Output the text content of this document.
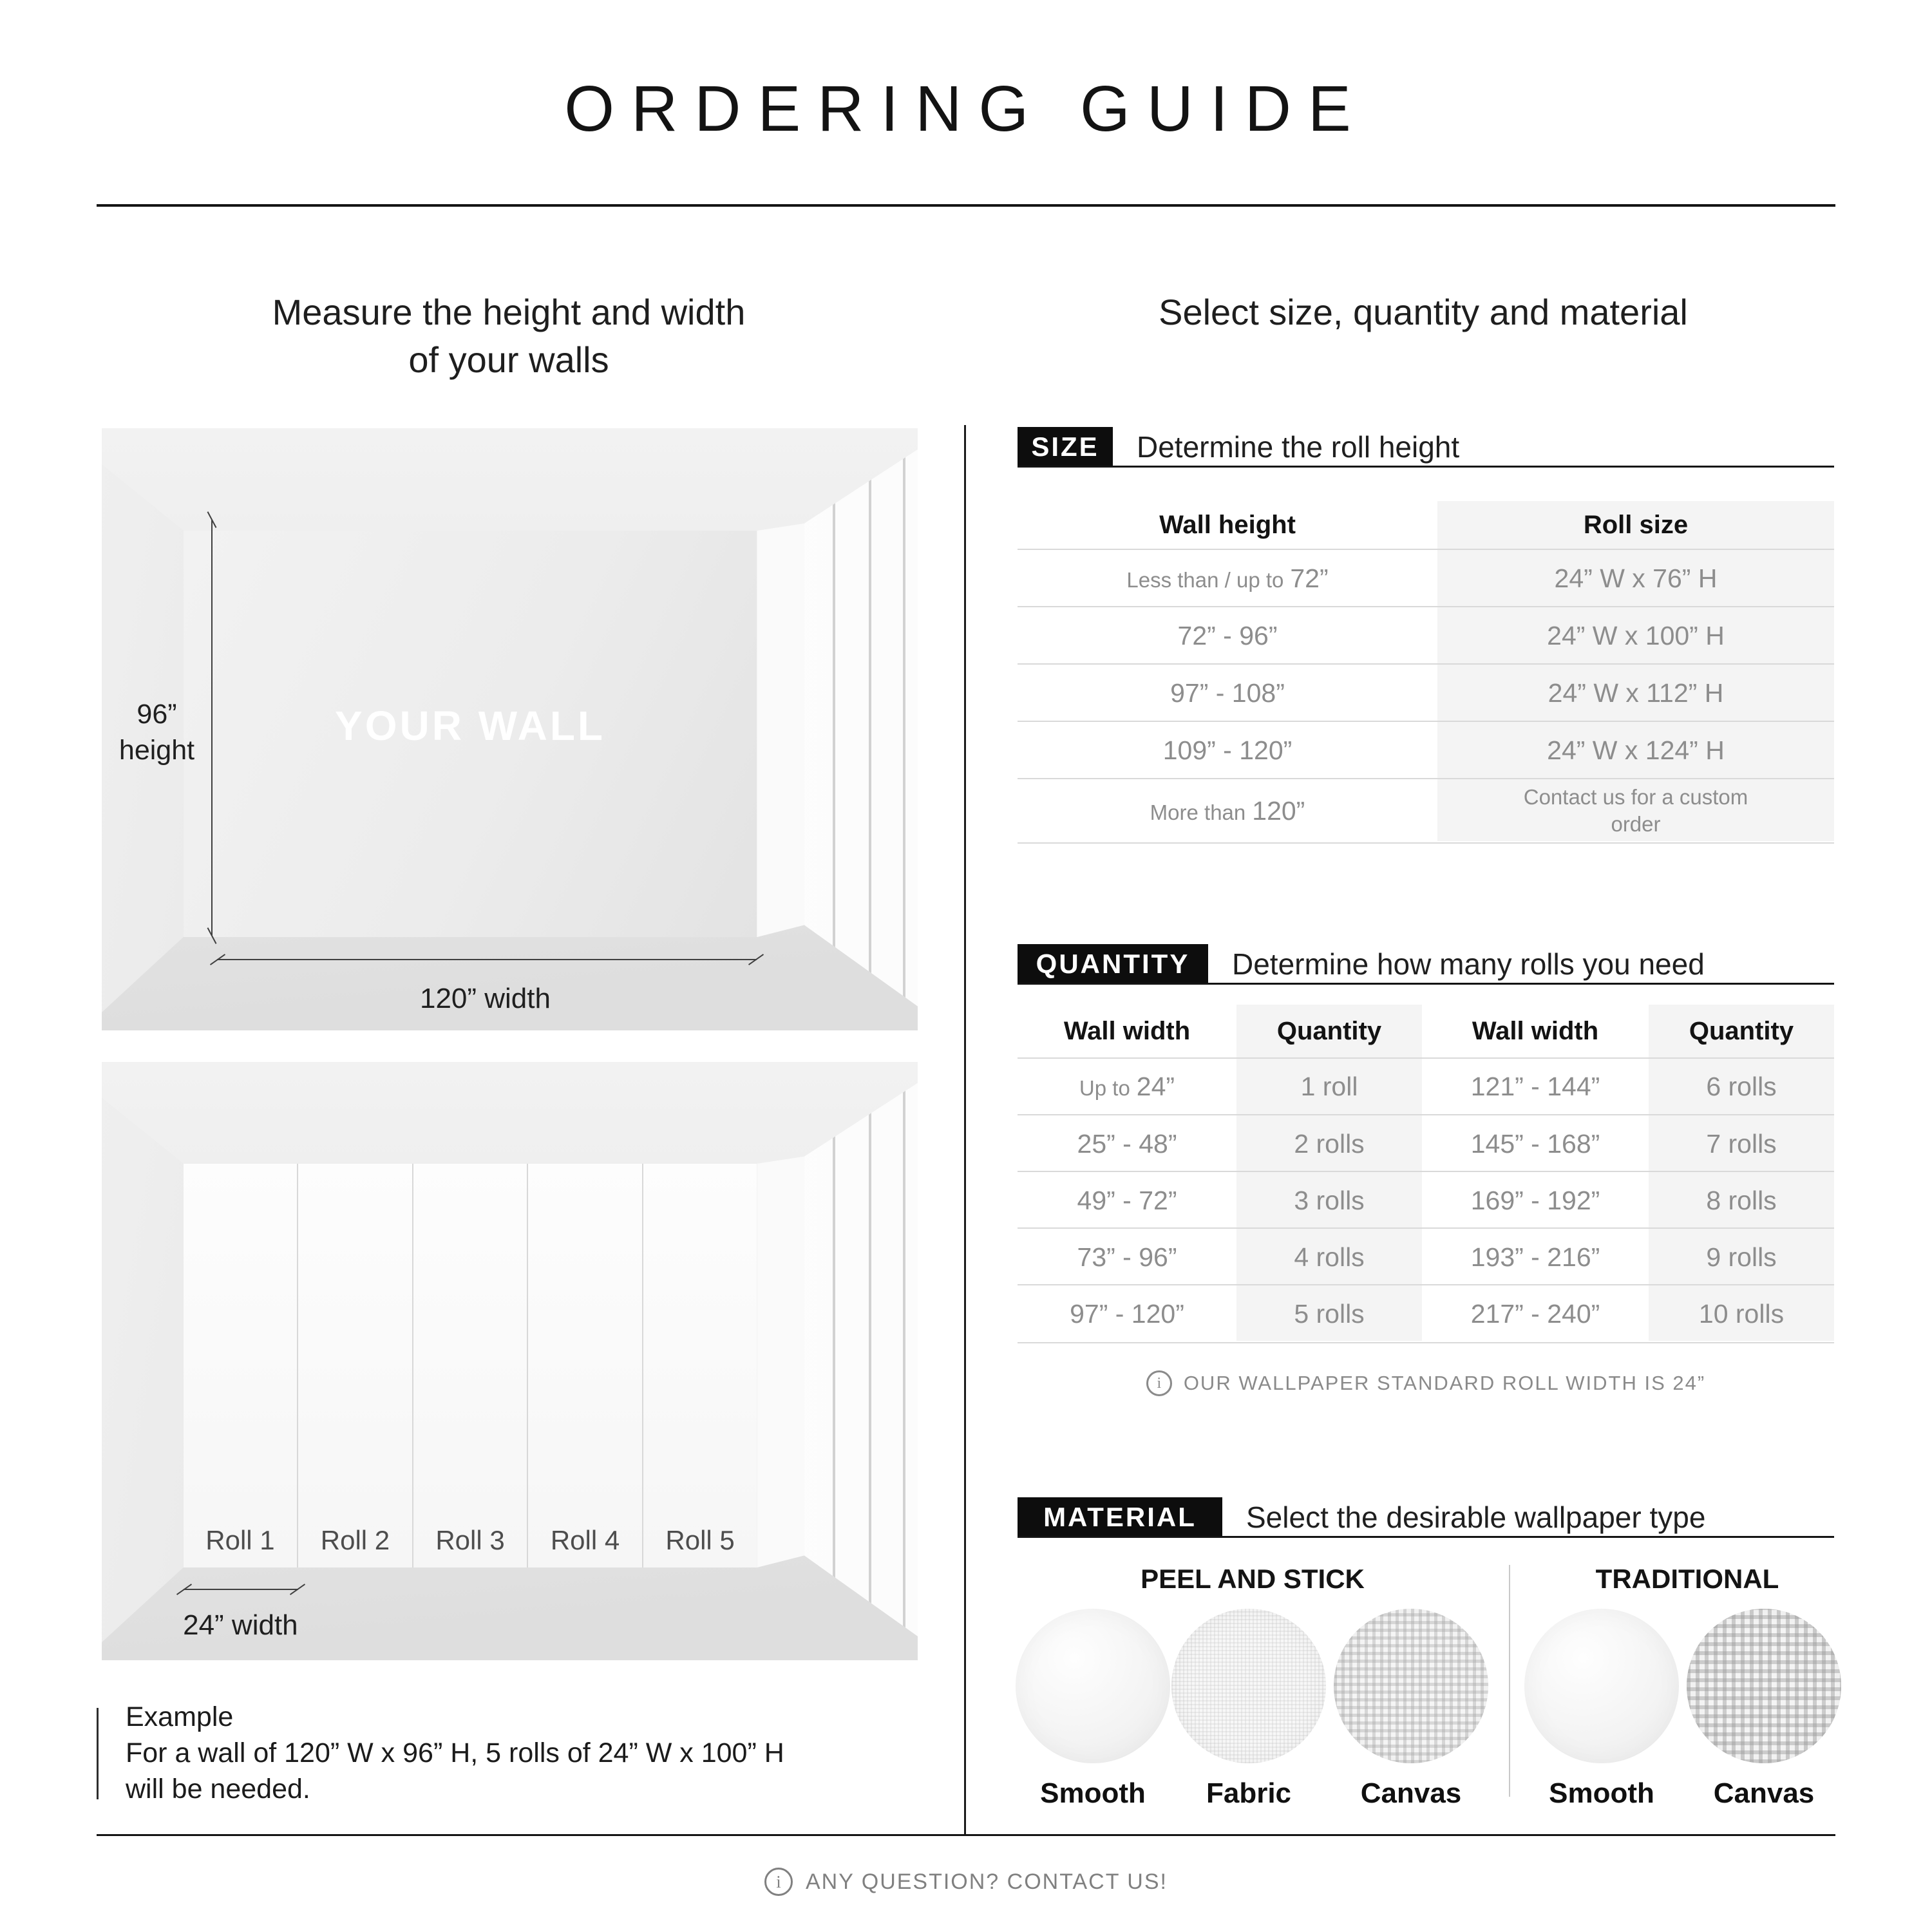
ORDERING GUIDE
Measure the height and width
of your walls
Select size, quantity and material
YOUR WALL
96”
height
120” width
Roll 1	Roll 2	Roll 3	Roll 4	Roll 5
24” width
Example
For a wall of 120” W x 96” H, 5 rolls of 24” W x 100” H
will be needed.
SIZE	Determine the roll height
Wall height	Roll size
Less than / up to 72”	24” W x 76” H
72” - 96”	24” W x 100” H
97” - 108”	24” W x 112” H
109” - 120”	24” W x 124” H
More than 120”	Contact us for a custom order
QUANTITY	Determine how many rolls you need
Wall width	Quantity	Wall width	Quantity
Up to 24”	1 roll	121” - 144”	6 rolls
25” - 48”	2 rolls	145” - 168”	7 rolls
49” - 72”	3 rolls	169” - 192”	8 rolls
73” - 96”	4 rolls	193” - 216”	9 rolls
97” - 120”	5 rolls	217” - 240”	10 rolls
i	OUR WALLPAPER STANDARD ROLL WIDTH IS 24”
MATERIAL	Select the desirable wallpaper type
PEEL AND STICK	TRADITIONAL
Smooth	Fabric	Canvas	Smooth	Canvas
i	ANY QUESTION? CONTACT US!
